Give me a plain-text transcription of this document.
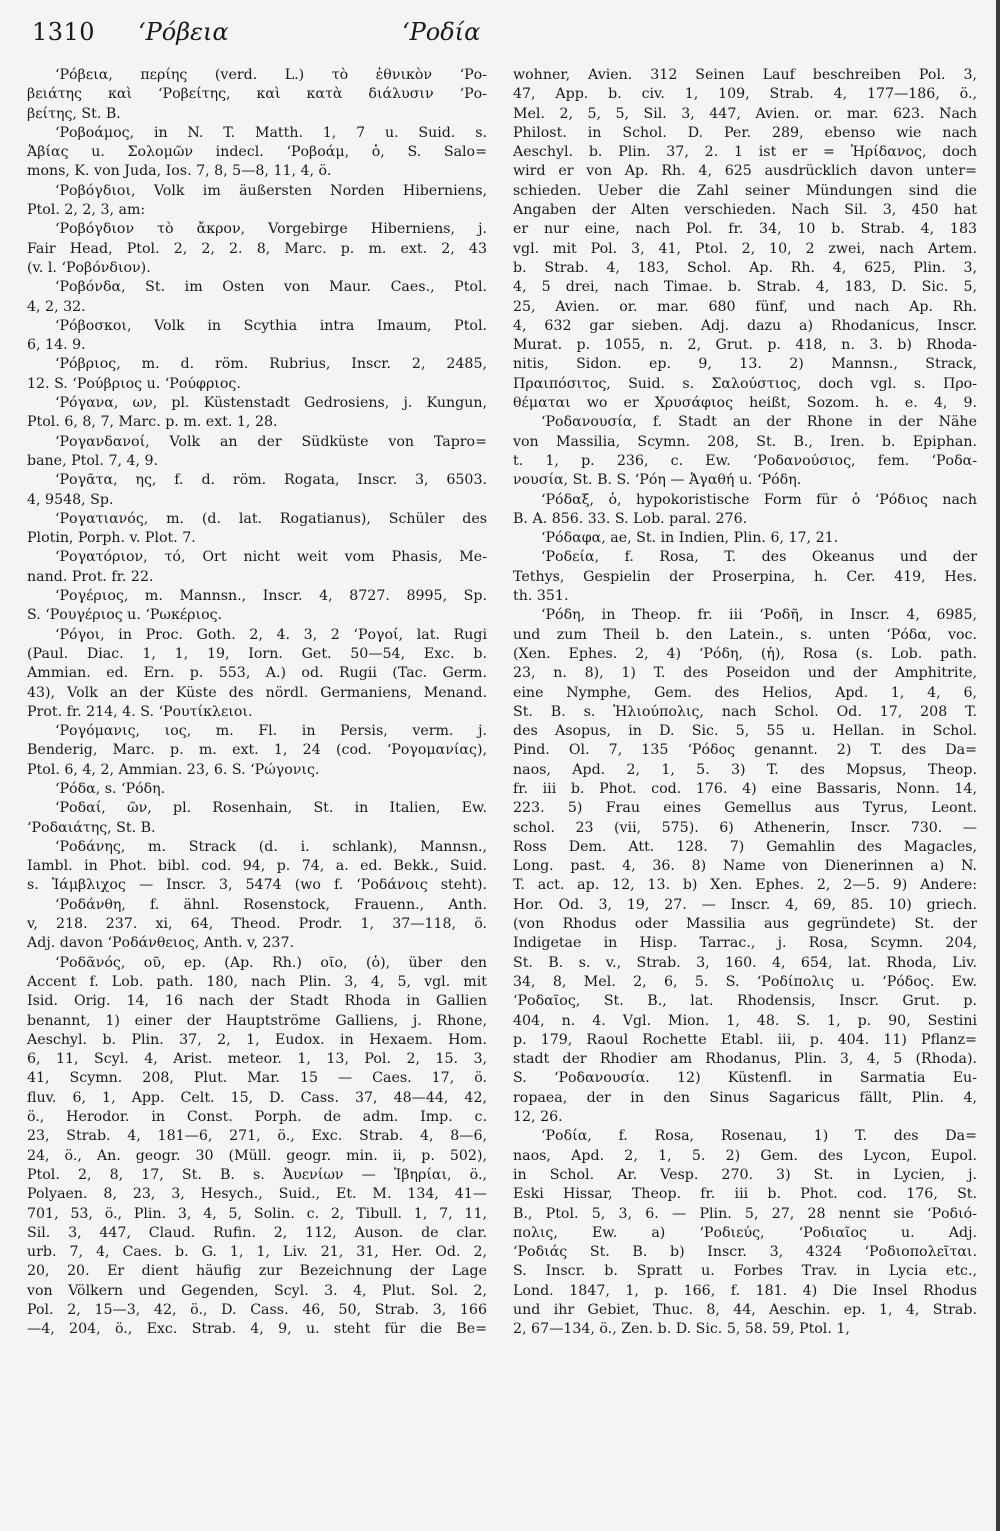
1310 ʻΡόβεια	ʻΡοδία
ʻΡόβεια, περίης (verd. L.) τὸ ἐθνικὸν ʻΡο-
βειάτης καὶ ʻΡοβείτης, καὶ κατὰ διάλυσιν ʻΡο-
βείτης, St. B.
ʻΡοβοάμος, in N. T. Matth. 1, 7 u. Suid. s.
Ἀβίας u. Σολομῶν indecl. ʻΡοβοάμ, ὁ, S. Salo=
mons, K. von Juda, Ios. 7, 8, 5—8, 11, 4, ö.
ʻΡοβόγδιοι, Volk im äußersten Norden Hiberniens,
Ptol. 2, 2, 3, am:
ʻΡοβόγδιον τὸ ἄκρον, Vorgebirge Hiberniens, j.
Fair Head, Ptol. 2, 2, 2. 8, Marc. p. m. ext. 2, 43
(v. l. ʻΡοβόνδιον).
ʻΡοβόνδα, St. im Osten von Maur. Caes., Ptol.
4, 2, 32.
ʻΡόβοσκοι, Volk in Scythia intra Imaum, Ptol.
6, 14. 9.
ʻΡόβριος, m. d. röm. Rubrius, Inscr. 2, 2485,
12. S. ʻΡούβριος u. ʻΡούφριος.
ʻΡόγανα, ων, pl. Küstenstadt Gedrosiens, j. Kungun,
Ptol. 6, 8, 7, Marc. p. m. ext. 1, 28.
ʻΡογανδανοί, Volk an der Südküste von Tapro=
bane, Ptol. 7, 4, 9.
ʻΡογᾶτα, ης, f. d. röm. Rogata, Inscr. 3, 6503.
4, 9548, Sp.
ʻΡογατιανός, m. (d. lat. Rogatianus), Schüler des
Plotin, Porph. v. Plot. 7.
ʻΡογατόριον, τό, Ort nicht weit vom Phasis, Me-
nand. Prot. fr. 22.
ʻΡογέριος, m. Mannsn., Inscr. 4, 8727. 8995, Sp.
S. ʻΡουγέριος u. ʻΡωκέριος.
ʻΡόγοι, in Proc. Goth. 2, 4. 3, 2 ʻΡογοί, lat. Rugi
(Paul. Diac. 1, 1, 19, Iorn. Get. 50—54, Exc. b.
Ammian. ed. Ern. p. 553, A.) od. Rugii (Tac. Germ.
43), Volk an der Küste des nördl. Germaniens, Menand.
Prot. fr. 214, 4. S. ʻΡουτίκλειοι.
ʻΡογόμανις, ιος, m. Fl. in Persis, verm. j.
Benderig, Marc. p. m. ext. 1, 24 (cod. ʻΡογομανίας),
Ptol. 6, 4, 2, Ammian. 23, 6. S. ʻΡώγονις.
ʻΡόδα, s. ʻΡόδη.
ʻΡοδαί, ῶν, pl. Rosenhain, St. in Italien, Ew.
ʻΡοδαιάτης, St. B.
ʻΡοδάνης, m. Strack (d. i. schlank), Mannsn.,
Iambl. in Phot. bibl. cod. 94, p. 74, a. ed. Bekk., Suid.
s. Ἰάμβλιχος — Inscr. 3, 5474 (wo f. ʻΡοδάνοις steht).
ʻΡοδάνθη, f. ähnl. Rosenstock, Frauenn., Anth.
v, 218. 237. xi, 64, Theod. Prodr. 1, 37—118, ö.
Adj. davon ʻΡοδάνθειος, Anth. v, 237.
ʻΡοδᾶνός, οῦ, ep. (Ap. Rh.) οῖο, (ὁ), über den
Accent f. Lob. path. 180, nach Plin. 3, 4, 5, vgl. mit
Isid. Orig. 14, 16 nach der Stadt Rhoda in Gallien
benannt, 1) einer der Hauptströme Galliens, j. Rhone,
Aeschyl. b. Plin. 37, 2, 1, Eudox. in Hexaem. Hom.
6, 11, Scyl. 4, Arist. meteor. 1, 13, Pol. 2, 15. 3,
41, Scymn. 208, Plut. Mar. 15 — Caes. 17, ö.
fluv. 6, 1, App. Celt. 15, D. Cass. 37, 48—44, 42,
ö., Herodor. in Const. Porph. de adm. Imp. c.
23, Strab. 4, 181—6, 271, ö., Exc. Strab. 4, 8—6,
24, ö., An. geogr. 30 (Müll. geogr. min. ii, p. 502),
Ptol. 2, 8, 17, St. B. s. Ἀυενίων — Ἰβηρίαι, ö.,
Polyaen. 8, 23, 3, Hesych., Suid., Et. M. 134, 41—
701, 53, ö., Plin. 3, 4, 5, Solin. c. 2, Tibull. 1, 7, 11,
Sil. 3, 447, Claud. Rufin. 2, 112, Auson. de clar.
urb. 7, 4, Caes. b. G. 1, 1, Liv. 21, 31, Her. Od. 2,
20, 20. Er dient häufig zur Bezeichnung der Lage
von Völkern und Gegenden, Scyl. 3. 4, Plut. Sol. 2,
Pol. 2, 15—3, 42, ö., D. Cass. 46, 50, Strab. 3, 166
—4, 204, ö., Exc. Strab. 4, 9, u. steht für die Be=
wohner, Avien. 312 Seinen Lauf beschreiben Pol. 3,
47, App. b. civ. 1, 109, Strab. 4, 177—186, ö.,
Mel. 2, 5, 5, Sil. 3, 447, Avien. or. mar. 623. Nach
Philost. in Schol. D. Per. 289, ebenso wie nach
Aeschyl. b. Plin. 37, 2. 1 ist er = Ἠρίδανος, doch
wird er von Ap. Rh. 4, 625 ausdrücklich davon unter=
schieden. Ueber die Zahl seiner Mündungen sind die
Angaben der Alten verschieden. Nach Sil. 3, 450 hat
er nur eine, nach Pol. fr. 34, 10 b. Strab. 4, 183
vgl. mit Pol. 3, 41, Ptol. 2, 10, 2 zwei, nach Artem.
b. Strab. 4, 183, Schol. Ap. Rh. 4, 625, Plin. 3,
4, 5 drei, nach Timae. b. Strab. 4, 183, D. Sic. 5,
25, Avien. or. mar. 680 fünf, und nach Ap. Rh.
4, 632 gar sieben. Adj. dazu a) Rhodanicus, Inscr.
Murat. p. 1055, n. 2, Grut. p. 418, n. 3. b) Rhoda-
nitis, Sidon. ep. 9, 13. 2) Mannsn., Strack,
Πραιπόσιτος, Suid. s. Σαλούστιος, doch vgl. s. Προ-
θέμαται wo er Χρυσάφιος heißt, Sozom. h. e. 4, 9.
ʻΡοδανουσία, f. Stadt an der Rhone in der Nähe
von Massilia, Scymn. 208, St. B., Iren. b. Epiphan.
t. 1, p. 236, c. Ew. ʻΡοδανούσιος, fem. ʻΡοδα-
νουσία, St. B. S. ʻΡόη — Ἀγαθή u. ʻΡόδη.
ʻΡόδαξ, ὁ, hypokoristische Form für ὁ ʻΡόδιος nach
B. A. 856. 33. S. Lob. paral. 276.
ʻΡόδαφα, ae, St. in Indien, Plin. 6, 17, 21.
ʻΡοδεία, f. Rosa, T. des Okeanus und der
Tethys, Gespielin der Proserpina, h. Cer. 419, Hes.
th. 351.
ʻΡόδη, in Theop. fr. iii ʻΡοδῆ, in Inscr. 4, 6985,
und zum Theil b. den Latein., s. unten ʻΡόδα, voc.
(Xen. Ephes. 2, 4) ʻΡόδη, (ἡ), Rosa (s. Lob. path.
23, n. 8), 1) T. des Poseidon und der Amphitrite,
eine Nymphe, Gem. des Helios, Apd. 1, 4, 6,
St. B. s. Ἡλιούπολις, nach Schol. Od. 17, 208 T.
des Asopus, in D. Sic. 5, 55 u. Hellan. in Schol.
Pind. Ol. 7, 135 ʻΡόδος genannt. 2) T. des Da=
naos, Apd. 2, 1, 5. 3) T. des Mopsus, Theop.
fr. iii b. Phot. cod. 176. 4) eine Bassaris, Nonn. 14,
223. 5) Frau eines Gemellus aus Tyrus, Leont.
schol. 23 (vii, 575). 6) Athenerin, Inscr. 730. —
Ross Dem. Att. 128. 7) Gemahlin des Magacles,
Long. past. 4, 36. 8) Name von Dienerinnen a) N.
T. act. ap. 12, 13. b) Xen. Ephes. 2, 2—5. 9) Andere:
Hor. Od. 3, 19, 27. — Inscr. 4, 69, 85. 10) griech.
(von Rhodus oder Massilia aus gegründete) St. der
Indigetae in Hisp. Tarrac., j. Rosa, Scymn. 204,
St. B. s. v., Strab. 3, 160. 4, 654, lat. Rhoda, Liv.
34, 8, Mel. 2, 6, 5. S. ʻΡοδίπολις u. ʻΡόδος. Ew.
ʻΡοδαῖος, St. B., lat. Rhodensis, Inscr. Grut. p.
404, n. 4. Vgl. Mion. 1, 48. S. 1, p. 90, Sestini
p. 179, Raoul Rochette Etabl. iii, p. 404. 11) Pflanz=
stadt der Rhodier am Rhodanus, Plin. 3, 4, 5 (Rhoda).
S. ʻΡοδανουσία. 12) Küstenfl. in Sarmatia Eu-
ropaea, der in den Sinus Sagaricus fällt, Plin. 4,
12, 26.
ʻΡοδία, f. Rosa, Rosenau, 1) T. des Da=
naos, Apd. 2, 1, 5. 2) Gem. des Lycon, Eupol.
in Schol. Ar. Vesp. 270. 3) St. in Lycien, j.
Eski Hissar, Theop. fr. iii b. Phot. cod. 176, St.
B., Ptol. 5, 3, 6. — Plin. 5, 27, 28 nennt sie ʻΡοδιό-
πολις, Ew. a) ʻΡοδιεύς, ʻΡοδιαῖος u. Adj.
ʻΡοδιάς St. B. b) Inscr. 3, 4324 ʻΡοδιοπολεῖται.
S. Inscr. b. Spratt u. Forbes Trav. in Lycia etc.,
Lond. 1847, 1, p. 166, f. 181. 4) Die Insel Rhodus
und ihr Gebiet, Thuc. 8, 44, Aeschin. ep. 1, 4, Strab.
2, 67—134, ö., Zen. b. D. Sic. 5, 58. 59, Ptol. 1,
